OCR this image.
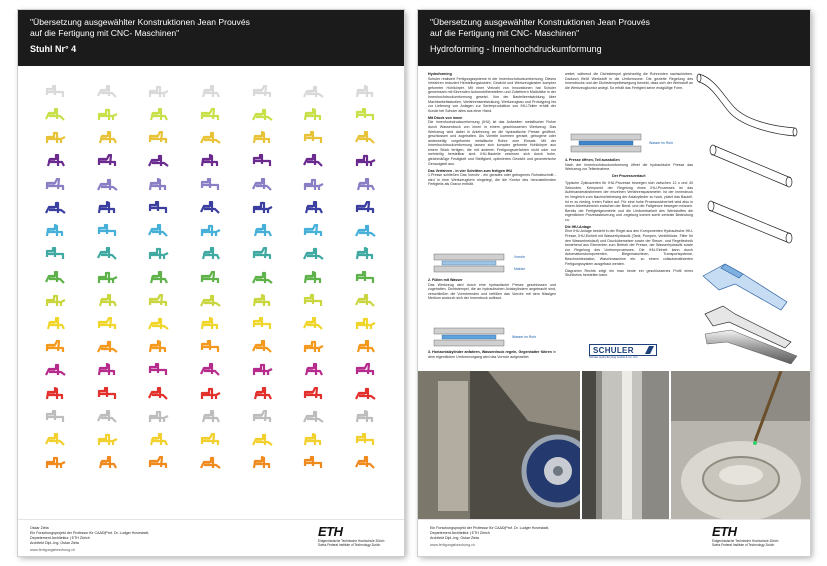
"Übersetzung ausgewählter Konstruktionen Jean Prouvés
auf die Fertigung mit CNC- Maschinen"
Stuhl Nr° 4
Oskar Zieta
Ein Forschungsprojekt der Professur für CAAD|Prof. Dr. Ludger Hovestadt,
Departement Architektur | ETH Zürich
Architekt Dipl.-Ing. Oskar Zieta
www.fertigungsforschung.ch
ETH
Eidgenössische Technische Hochschule Zürich
Swiss Federal Institute of Technology Zurich
"Übersetzung ausgewählter Konstruktionen Jean Prouvés
auf die Fertigung mit CNC- Maschinen"
Hydroforming - Innenhochdruckumformung

Hydroforming
Schuler realisiert Fertigungssysteme in der Innenhochdruckumformung. Dieses Verfahren reduziert Herstellungskosten, Gewicht und Werkzeugkosten komplex geformter Hohlkörper. Mit einer Vielzahl von Innovationen hat Schuler gemeinsam mit führenden Automobilherstellern und Zulieferern Maßstäbe in der Innenhochdruckumformung gesetzt. Von der Bauteileentwicklung über Machbarkeitsstudien, Verfahrensentwicklung, Werkzeugbau und Prototyping bis zur Lieferung von Anlagen zur Serienproduktion von IHU-Teilen erhält der Kunde bei Schuler alles aus einer Hand.

Mit Druck von innen
Die Innenhochdruckumformung (IHU) ist das Aufweiten metallischer Rohre durch Wasserdruck von innen in einem geschlossenen Werkzeug. Das Werkzeug wird dabei in Anlehnung an die hydraulische Presse geöffnet, geschlossen und zugehalten. Als Vorteile kommen gerade, gebogene oder anderweitig vorgeformte metallische Rohre zum Einsatz. Mit der Innenhochdruckumformung lassen sich komplex geformte Hohlkörper aus einem Stück fertigen, die mit anderen Fertigungsverfahren nicht oder nur mehrteilig herstellbar sind. IHU-Bauteile zeichnen sich durch hohe, gleichmäßige Festigkeit und Steifigkeit, optimiertes Gewicht und geometrische Genauigkeit aus.

Das Verfahren - in vier Schritten zum fertigen IHU
1.Presse schließen Das Vorrohr - ein gerades oder gebogenes Rohrabschnitt - wird in eine Werkzeugform eingelegt, die die Kontur des herzustellenden Fertigteils als Gravur enthält.

Vorrohr
Matrize

2. Füllen mit Wasser
Das Werkzeug wird durch eine hydraulische Presse geschlossen und zugehalten. Dichtstempel, die an hydraulischen Axialzylindern angebracht sind, verschließen die Vorrohrenden und befüllen das Vorrohr mit dem flüssigen Medium wodurch sich der Innendruck aufbaut.

Wasser im Rohr

3. Horizontalzylinder anfahren, Wasserdruck regeln, Gegenhalter führen In dem eigentlichen Umformvorgang wird das Vorrohr aufgeweitet.

weitet, während die Dichtstempel gleichzeitig die Rohrenden nachschieben. Dadurch fließt Werkstoff in die Umformzone. Die gezielte Regelung des Innendrucks und der Dichtstempelbewegung bewirkt, dass sich der Werkstoff an die Werkzeugkontur anlegt. So erhält das Fertigteil seine endgültige Form.

Wasser im Rohr

4. Presse öffnen, Teil ausstoßen
Nach der Innenhochdruckumformung öffnet die hydraulische Presse das Werkzeug zur Teilentnahme.

Der Prozessverlauf:

Typische Zykluszeiten für IHU-Prozesse bewegen sich zwischen 12 s und 40 Sekunden. Kernpunkt der Regelung eines IHU-Prozesses ist das Aufeinanderabstimmen der einzelnen Verfahrensparameter. Ist der Innendruck im Vergleich zum Nachschiebeweg der Axialzylinder zu hoch, platzt das Bauteil. Ist er zu niedrig, treten Falten auf. Für eine hohe Prozesssicherheit wird also in einem Arbeitsbereich zwischen der Berst- und der Faltgrenze bewegen müssen. Bereits der Fertigteilgeometrie und die Umformbarkeit des Werkstoffes die eigentlichen Prozesssteuerung und -regelung kommt somit zentrale Bedeutung zu.

Die IHU-Anlage
Eine IHU-Anlage besteht in der Regel aus den Komponenten Hydraulische IHU-Presse, IHU-Einheit mit Wasserhydraulik (Tank, Pumpen, Ventilblöcke, Filter für den Wasserkreislauf) und Druckübersetzer sowie der Steuer- und Regeltechnik bestehend aus Elementen zum Betrieb der Presse, der Wasserhydraulik sowie zur Regelung des Umformprozesses. Die IHU-Einheit kann durch Automationskomponenten, Biegemaschinen, Transportsysteme, Beschneidestation, Waschmaschine etc. zu einem vollautomatisierten Fertigungssystem ausgebaut werden.

Diagramm Rechts zeigt ein man heute ein geschlossenes Profil eines Stuhlbeins herstellen kann.

SCHULER
Schuler Hydroforming GmbH & Co. KG
Ein Forschungsprojekt der Professur für CAAD|Prof. Dr. Ludger Hovestadt,
Departement Architektur | ETH Zürich
Architekt Dipl.-Ing. Oskar Zieta
www.fertigungsforschung.ch
ETH
Eidgenössische Technische Hochschule Zürich
Swiss Federal Institute of Technology Zurich
